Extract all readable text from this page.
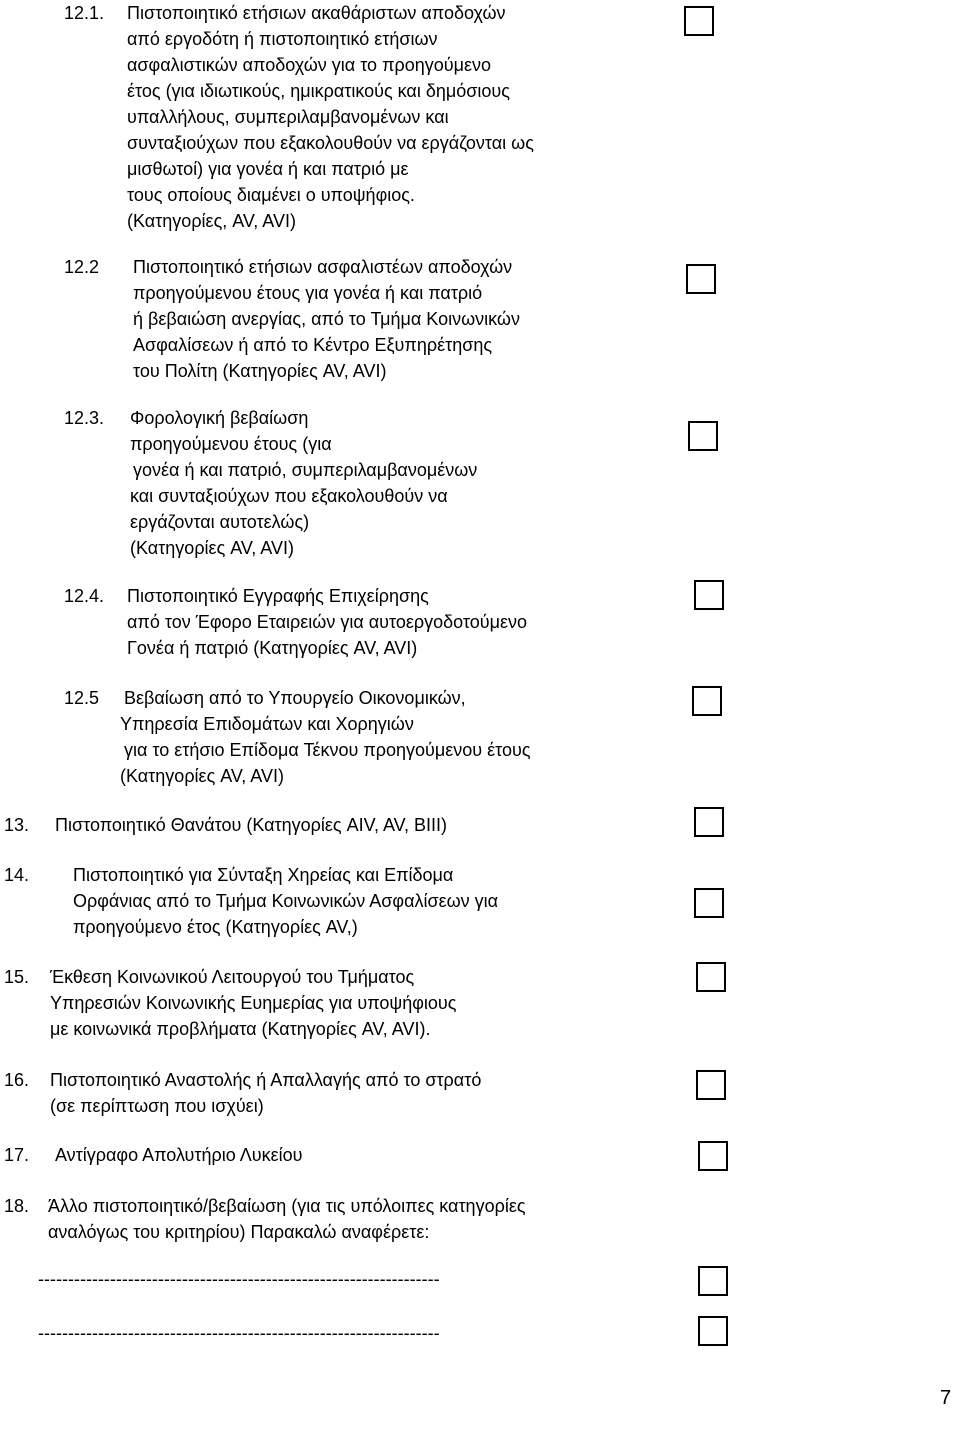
12.1. Πιστοποιητικό ετήσιων ακαθάριστων αποδοχών
από εργοδότη ή πιστοποιητικό ετήσιων
ασφαλιστικών αποδοχών για το προηγούμενο
έτος (για ιδιωτικούς, ημικρατικούς και δημόσιους
υπαλλήλους, συμπεριλαμβανομένων και
συνταξιούχων που εξακολουθούν να εργάζονται ως
μισθωτοί) για γονέα ή και πατριό με
τους οποίους διαμένει ο υποψήφιος.
(Κατηγορίες, AV, AVI)
12.2 Πιστοποιητικό ετήσιων ασφαλιστέων αποδοχών
προηγούμενου έτους για γονέα ή και πατριό
ή βεβαιώση ανεργίας, από το Τμήμα Κοινωνικών
Ασφαλίσεων ή από το Κέντρο Εξυπηρέτησης
του Πολίτη (Κατηγορίες AV, AVI)
12.3. Φορολογική βεβαίωση
προηγούμενου έτους (για
γονέα ή και πατριό, συμπεριλαμβανομένων
και συνταξιούχων που εξακολουθούν να
εργάζονται αυτοτελώς)
(Κατηγορίες AV, AVI)
12.4. Πιστοποιητικό Εγγραφής Επιχείρησης
από τον Έφορο Εταιρειών για αυτοεργοδοτούμενο
Γονέα ή πατριό (Κατηγορίες AV, AVI)
12.5 Βεβαίωση από το Υπουργείο Οικονομικών,
Υπηρεσία Επιδομάτων και Χορηγιών
για το ετήσιο Επίδομα Τέκνου προηγούμενου έτους
(Κατηγορίες AV, AVI)
13. Πιστοποιητικό Θανάτου (Κατηγορίες AIV, AV, BIII)
14. Πιστοποιητικό για Σύνταξη Χηρείας και Επίδομα
Ορφάνιας από το Τμήμα Κοινωνικών Ασφαλίσεων για
προηγούμενο έτος (Κατηγορίες AV,)
15. Έκθεση Κοινωνικού Λειτουργού του Τμήματος
Υπηρεσιών Κοινωνικής Ευημερίας για υποψήφιους
με κοινωνικά προβλήματα (Κατηγορίες AV, AVI).
16. Πιστοποιητικό Αναστολής ή Απαλλαγής από το στρατό
(σε περίπτωση που ισχύει)
17. Αντίγραφο Απολυτήριο Λυκείου
18. Άλλο πιστοποιητικό/βεβαίωση (για τις υπόλοιπες κατηγορίες
αναλόγως του κριτηρίου) Παρακαλώ αναφέρετε:
-------------------------------------------------------------------
-------------------------------------------------------------------
7
